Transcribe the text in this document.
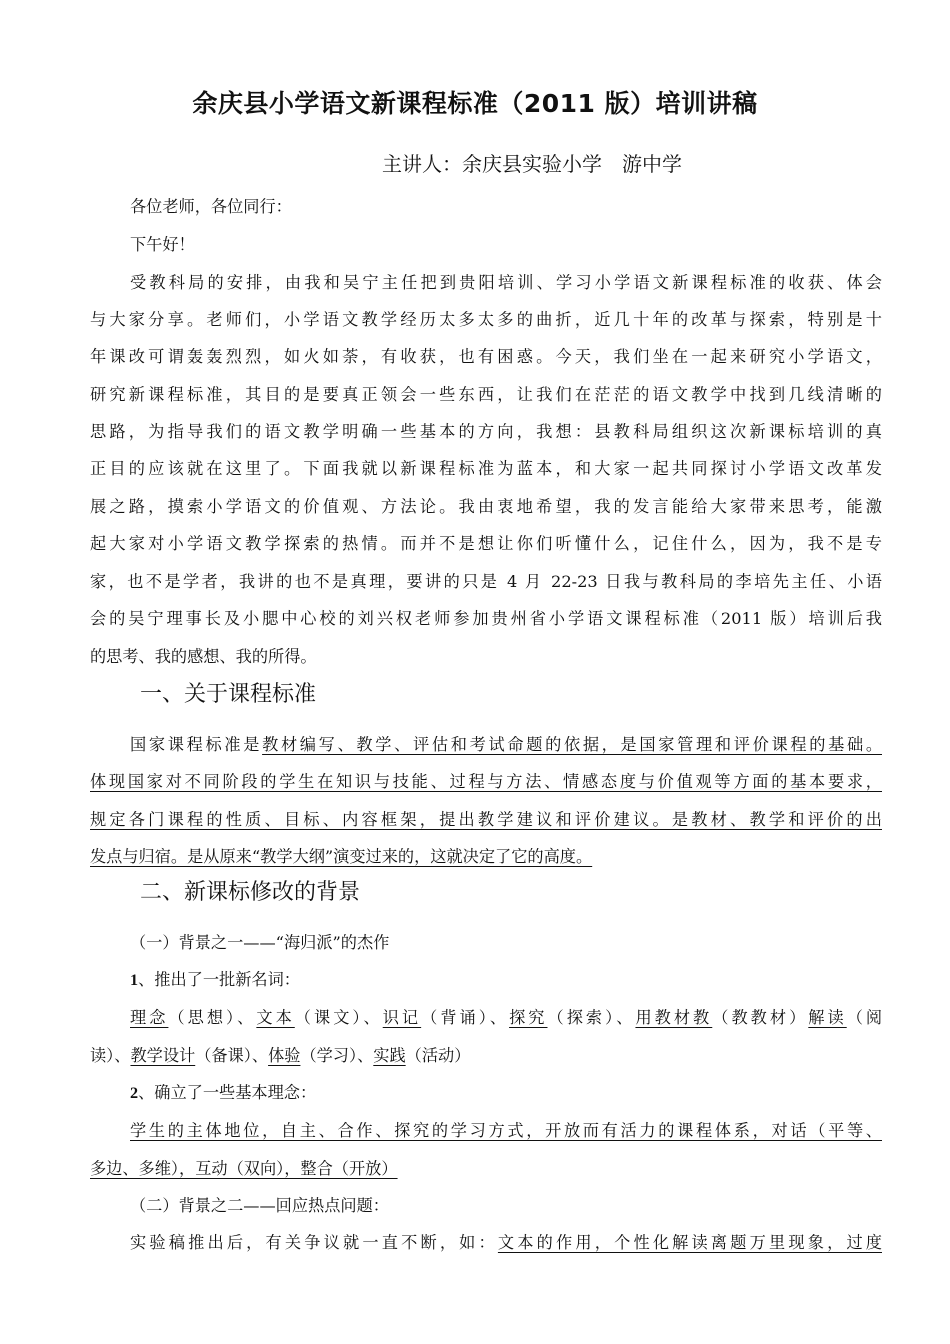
余庆县小学语文新课程标准（2011 版）培训讲稿
主讲人：余庆县实验小学　游中学
各位老师，各位同行：
下午好！
受教科局的安排，由我和吴宁主任把到贵阳培训、学习小学语文新课程标准的收获、体会
与大家分享。老师们，小学语文教学经历太多太多的曲折，近几十年的改革与探索，特别是十
年课改可谓轰轰烈烈，如火如荼，有收获，也有困惑。今天，我们坐在一起来研究小学语文，
研究新课程标准，其目的是要真正领会一些东西，让我们在茫茫的语文教学中找到几线清晰的
思路，为指导我们的语文教学明确一些基本的方向，我想：县教科局组织这次新课标培训的真
正目的应该就在这里了。下面我就以新课程标准为蓝本，和大家一起共同探讨小学语文改革发
展之路，摸索小学语文的价值观、方法论。我由衷地希望，我的发言能给大家带来思考，能激
起大家对小学语文教学探索的热情。而并不是想让你们听懂什么，记住什么，因为，我不是专
家，也不是学者，我讲的也不是真理，要讲的只是 4 月 22-23 日我与教科局的李培先主任、小语
会的吴宁理事长及小腮中心校的刘兴权老师参加贵州省小学语文课程标准（2011 版）培训后我
的思考、我的感想、我的所得。
一、关于课程标准
国家课程标准是教材编写、教学、评估和考试命题的依据，是国家管理和评价课程的基础。
体现国家对不同阶段的学生在知识与技能、过程与方法、情感态度与价值观等方面的基本要求，
规定各门课程的性质、目标、内容框架，提出教学建议和评价建议。是教材、教学和评价的出
发点与归宿。是从原来“教学大纲”演变过来的，这就决定了它的高度。
二、新课标修改的背景
（一）背景之一——“海归派”的杰作
1、推出了一批新名词：
理念（思想）、文本（课文）、识记（背诵）、探究（探索）、用教材教（教教材）解读（阅
读）、教学设计（备课）、体验（学习）、实践（活动）
2、确立了一些基本理念：
学生的主体地位，自主、合作、探究的学习方式，开放而有活力的课程体系，对话（平等、
多边、多维），互动（双向），整合（开放）
（二）背景之二——回应热点问题：
实验稿推出后，有关争议就一直不断，如：文本的作用，个性化解读离题万里现象，过度
